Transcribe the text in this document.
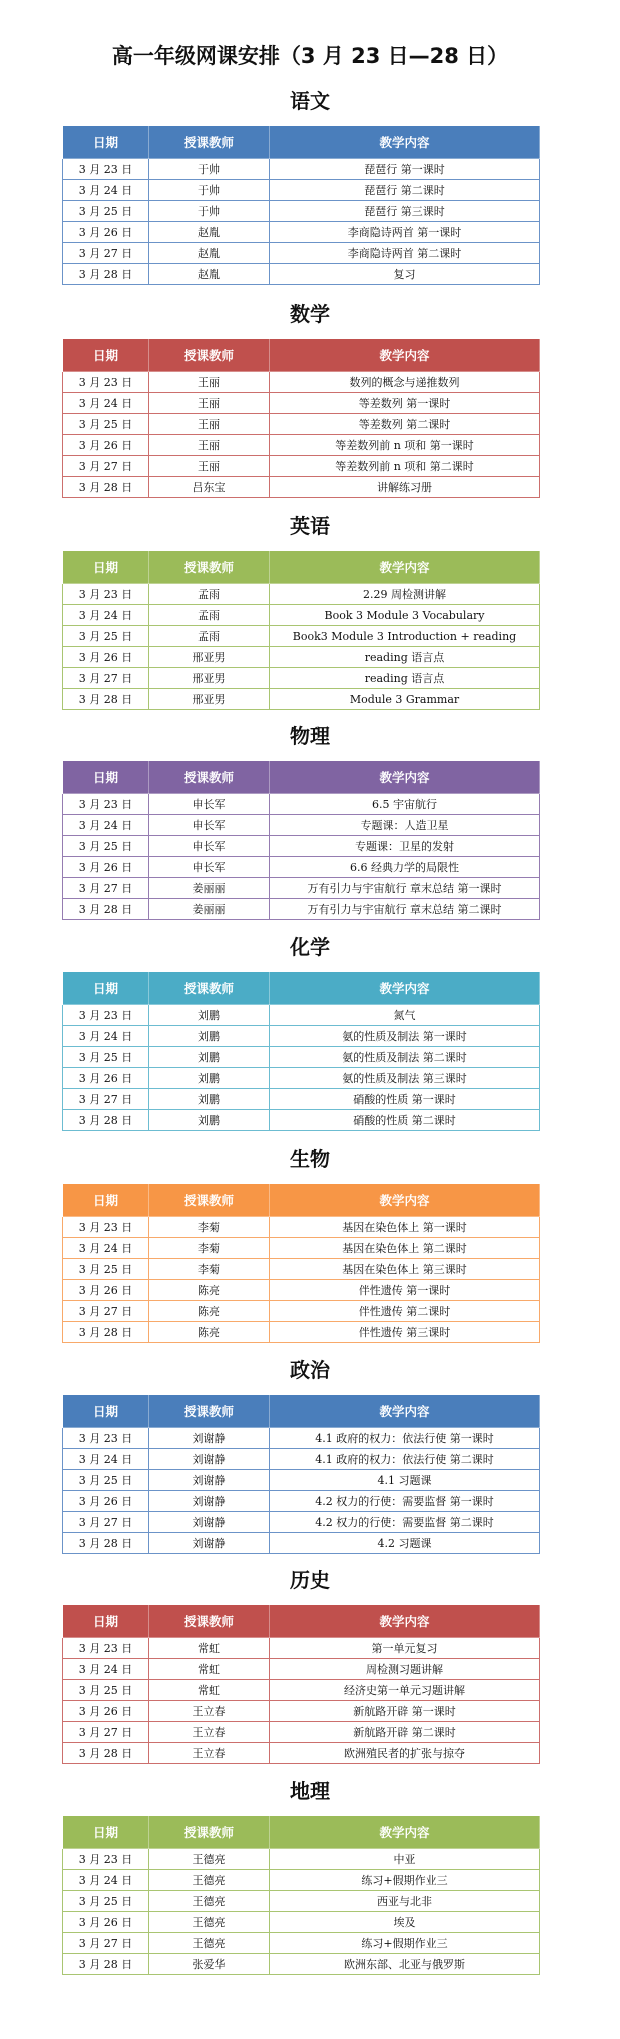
高一年级网课安排（3 月 23 日—28 日）
语文
日期	授课教师	教学内容
3 月 23 日	于帅	琵琶行 第一课时
3 月 24 日	于帅	琵琶行 第二课时
3 月 25 日	于帅	琵琶行 第三课时
3 月 26 日	赵胤	李商隐诗两首 第一课时
3 月 27 日	赵胤	李商隐诗两首 第二课时
3 月 28 日	赵胤	复习
数学
日期	授课教师	教学内容
3 月 23 日	王丽	数列的概念与递推数列
3 月 24 日	王丽	等差数列 第一课时
3 月 25 日	王丽	等差数列 第二课时
3 月 26 日	王丽	等差数列前 n 项和 第一课时
3 月 27 日	王丽	等差数列前 n 项和 第二课时
3 月 28 日	吕东宝	讲解练习册
英语
日期	授课教师	教学内容
3 月 23 日	孟雨	2.29 周检测讲解
3 月 24 日	孟雨	Book 3 Module 3 Vocabulary
3 月 25 日	孟雨	Book3 Module 3 Introduction + reading
3 月 26 日	邢亚男	reading 语言点
3 月 27 日	邢亚男	reading 语言点
3 月 28 日	邢亚男	Module 3 Grammar
物理
日期	授课教师	教学内容
3 月 23 日	申长军	6.5 宇宙航行
3 月 24 日	申长军	专题课：人造卫星
3 月 25 日	申长军	专题课：卫星的发射
3 月 26 日	申长军	6.6 经典力学的局限性
3 月 27 日	姜丽丽	万有引力与宇宙航行 章末总结 第一课时
3 月 28 日	姜丽丽	万有引力与宇宙航行 章末总结 第二课时
化学
日期	授课教师	教学内容
3 月 23 日	刘鹏	氮气
3 月 24 日	刘鹏	氨的性质及制法 第一课时
3 月 25 日	刘鹏	氨的性质及制法 第二课时
3 月 26 日	刘鹏	氨的性质及制法 第三课时
3 月 27 日	刘鹏	硝酸的性质 第一课时
3 月 28 日	刘鹏	硝酸的性质 第二课时
生物
日期	授课教师	教学内容
3 月 23 日	李菊	基因在染色体上 第一课时
3 月 24 日	李菊	基因在染色体上 第二课时
3 月 25 日	李菊	基因在染色体上 第三课时
3 月 26 日	陈亮	伴性遗传 第一课时
3 月 27 日	陈亮	伴性遗传 第二课时
3 月 28 日	陈亮	伴性遗传 第三课时
政治
日期	授课教师	教学内容
3 月 23 日	刘谢静	4.1 政府的权力：依法行使 第一课时
3 月 24 日	刘谢静	4.1 政府的权力：依法行使 第二课时
3 月 25 日	刘谢静	4.1 习题课
3 月 26 日	刘谢静	4.2 权力的行使：需要监督 第一课时
3 月 27 日	刘谢静	4.2 权力的行使：需要监督 第二课时
3 月 28 日	刘谢静	4.2 习题课
历史
日期	授课教师	教学内容
3 月 23 日	常虹	第一单元复习
3 月 24 日	常虹	周检测习题讲解
3 月 25 日	常虹	经济史第一单元习题讲解
3 月 26 日	王立春	新航路开辟 第一课时
3 月 27 日	王立春	新航路开辟 第二课时
3 月 28 日	王立春	欧洲殖民者的扩张与掠夺
地理
日期	授课教师	教学内容
3 月 23 日	王德亮	中亚
3 月 24 日	王德亮	练习+假期作业三
3 月 25 日	王德亮	西亚与北非
3 月 26 日	王德亮	埃及
3 月 27 日	王德亮	练习+假期作业三
3 月 28 日	张爱华	欧洲东部、北亚与俄罗斯
